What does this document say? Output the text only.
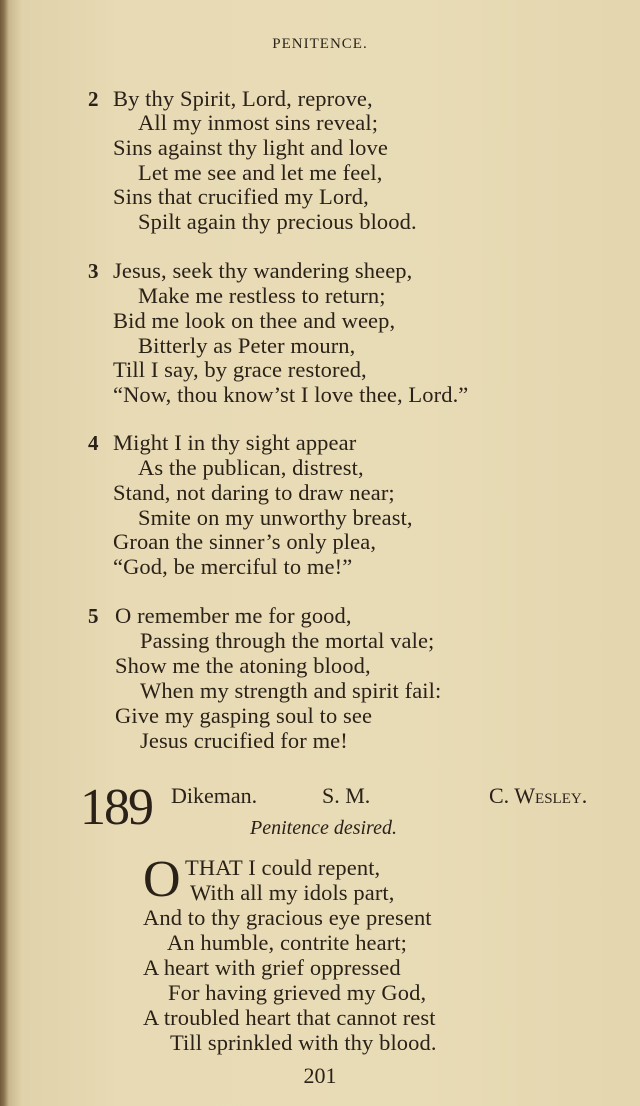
PENITENCE.
2 By thy Spirit, Lord, reprove,
All my inmost sins reveal;
Sins against thy light and love
Let me see and let me feel,
Sins that crucified my Lord,
Spilt again thy precious blood.
3 Jesus, seek thy wandering sheep,
Make me restless to return;
Bid me look on thee and weep,
Bitterly as Peter mourn,
Till I say, by grace restored,
“Now, thou know’st I love thee, Lord.”
4 Might I in thy sight appear
As the publican, distrest,
Stand, not daring to draw near;
Smite on my unworthy breast,
Groan the sinner’s only plea,
“God, be merciful to me!”
5 O remember me for good,
Passing through the mortal vale;
Show me the atoning blood,
When my strength and spirit fail:
Give my gasping soul to see
Jesus crucified for me!
189 Dikeman.	S. M.	C. Wesley.
Penitence desired.
O THAT I could repent,
With all my idols part,
And to thy gracious eye present
An humble, contrite heart;
A heart with grief oppressed
For having grieved my God,
A troubled heart that cannot rest
Till sprinkled with thy blood.
201
